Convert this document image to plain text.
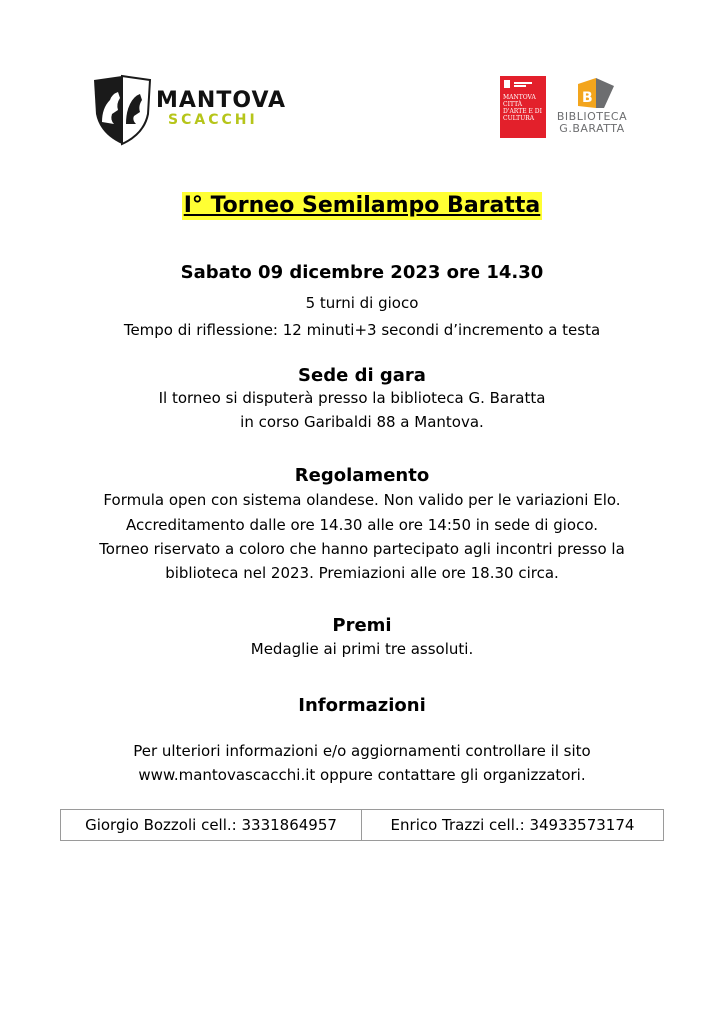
MANTOVA
SCACCHI
MANTOVA CITTÀ D'ARTE E DI CULTURA
B
BIBLIOTECA
G.BARATTA
I° Torneo Semilampo Baratta
Sabato 09 dicembre 2023 ore 14.30
5 turni di gioco
Tempo di riflessione: 12 minuti+3 secondi d’incremento a testa
Sede di gara
Il torneo si disputerà presso la biblioteca G. Baratta
in corso Garibaldi 88 a Mantova.
Regolamento
Formula open con sistema olandese. Non valido per le variazioni Elo.
Accreditamento dalle ore 14.30 alle ore 14:50 in sede di gioco.
Torneo riservato a coloro che hanno partecipato agli incontri presso la
biblioteca nel 2023. Premiazioni alle ore 18.30 circa.
Premi
Medaglie ai primi tre assoluti.
Informazioni
Per ulteriori informazioni e/o aggiornamenti controllare il sito
www.mantovascacchi.it oppure contattare gli organizzatori.
Giorgio Bozzoli cell.: 3331864957	Enrico Trazzi cell.: 34933573174
